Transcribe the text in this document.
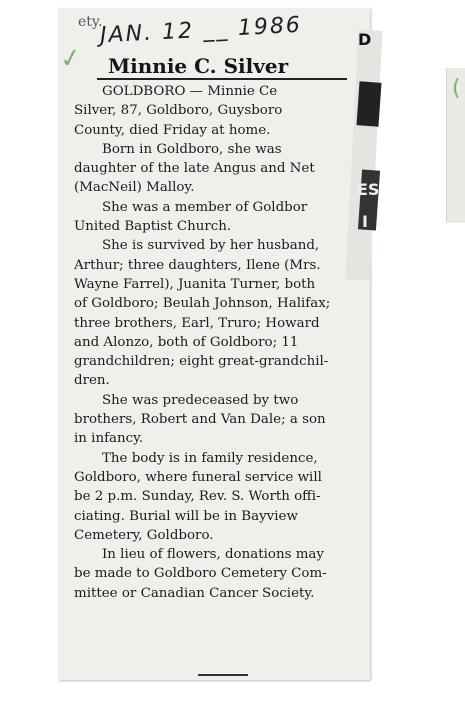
D
ES
I
ety.
JAN. 12 __ 1986
✓
(
Minnie C. Silver
GOLDBORO — Minnie Ce
Silver, 87, Goldboro, Guysboro
County, died Friday at home.
Born in Goldboro, she was
daughter of the late Angus and Net
(MacNeil) Malloy.
She was a member of Goldbor
United Baptist Church.
She is survived by her husband,
Arthur; three daughters, Ilene (Mrs.
Wayne Farrel), Juanita Turner, both
of Goldboro; Beulah Johnson, Halifax;
three brothers, Earl, Truro; Howard
and Alonzo, both of Goldboro; 11
grandchildren; eight great-grandchil-
dren.
She was predeceased by two
brothers, Robert and Van Dale; a son
in infancy.
The body is in family residence,
Goldboro, where funeral service will
be 2 p.m. Sunday, Rev. S. Worth offi-
ciating. Burial will be in Bayview
Cemetery, Goldboro.
In lieu of flowers, donations may
be made to Goldboro Cemetery Com-
mittee or Canadian Cancer Society.
